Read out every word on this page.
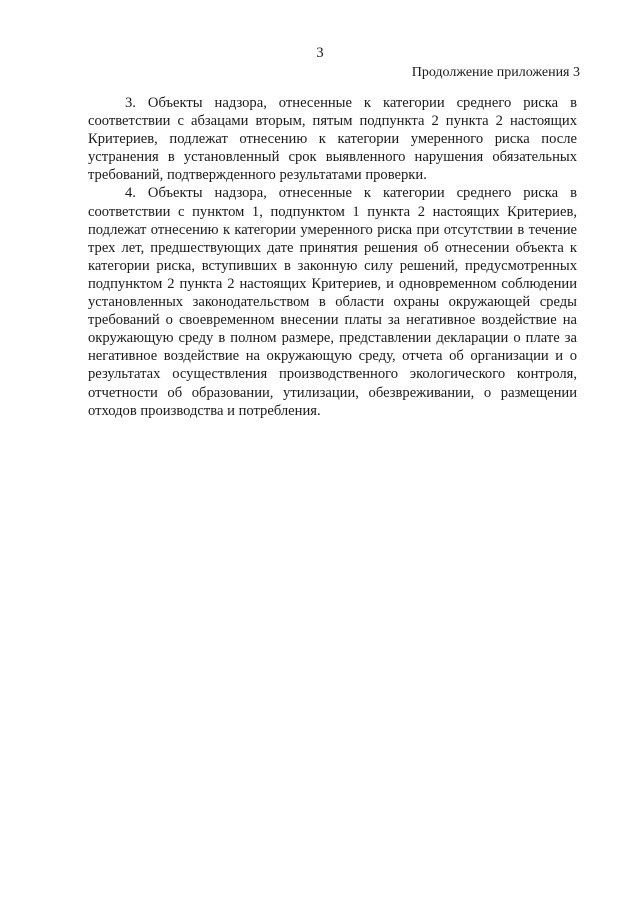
3
Продолжение приложения 3

3. Объекты надзора, отнесенные к категории среднего риска в соответствии с абзацами вторым, пятым подпункта 2 пункта 2 настоящих Критериев, подлежат отнесению к категории умеренного риска после устранения в установленный срок выявленного нарушения обязательных требований, подтвержденного результатами проверки.

4. Объекты надзора, отнесенные к категории среднего риска в соответствии с пунктом 1, подпунктом 1 пункта 2 настоящих Критериев, подлежат отнесению к категории умеренного риска при отсутствии в течение трех лет, предшествующих дате принятия решения об отнесении объекта к категории риска, вступивших в законную силу решений, предусмотренных подпунктом 2 пункта 2 настоящих Критериев, и одновременном соблюдении установленных законодательством в области охраны окружающей среды требований о своевременном внесении платы за негативное воздействие на окружающую среду в полном размере, представлении декларации о плате за негативное воздействие на окружающую среду, отчета об организации и о результатах осуществления производственного экологического контроля, отчетности об образовании, утилизации, обезвреживании, о размещении отходов производства и потребления.
